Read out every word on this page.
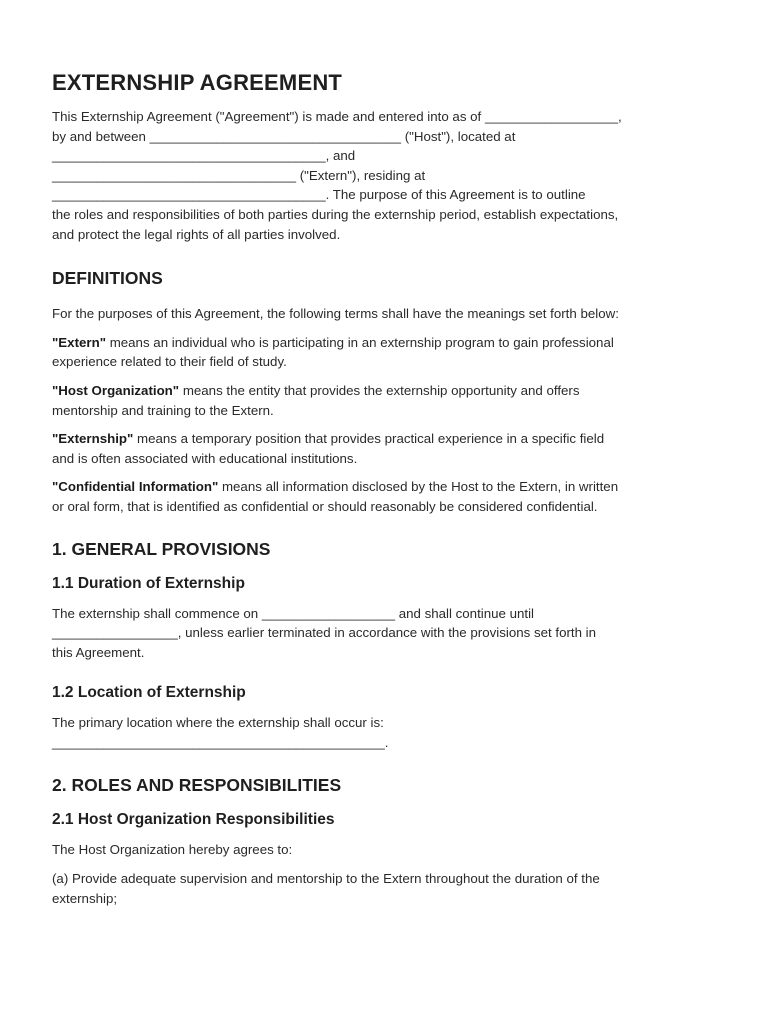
EXTERNSHIP AGREEMENT

This Externship Agreement ("Agreement") is made and entered into as of __________________,
by and between __________________________________ ("Host"), located at
_____________________________________, and
_________________________________ ("Extern"), residing at
_____________________________________. The purpose of this Agreement is to outline
the roles and responsibilities of both parties during the externship period, establish expectations,
and protect the legal rights of all parties involved.

DEFINITIONS

For the purposes of this Agreement, the following terms shall have the meanings set forth below:

"Extern" means an individual who is participating in an externship program to gain professional
experience related to their field of study.

"Host Organization" means the entity that provides the externship opportunity and offers
mentorship and training to the Extern.

"Externship" means a temporary position that provides practical experience in a specific field
and is often associated with educational institutions.

"Confidential Information" means all information disclosed by the Host to the Extern, in written
or oral form, that is identified as confidential or should reasonably be considered confidential.

1. GENERAL PROVISIONS
1.1 Duration of Externship

The externship shall commence on __________________ and shall continue until
_________________, unless earlier terminated in accordance with the provisions set forth in
this Agreement.

1.2 Location of Externship

The primary location where the externship shall occur is:
_____________________________________________.

2. ROLES AND RESPONSIBILITIES
2.1 Host Organization Responsibilities

The Host Organization hereby agrees to:

(a) Provide adequate supervision and mentorship to the Extern throughout the duration of the
externship;
